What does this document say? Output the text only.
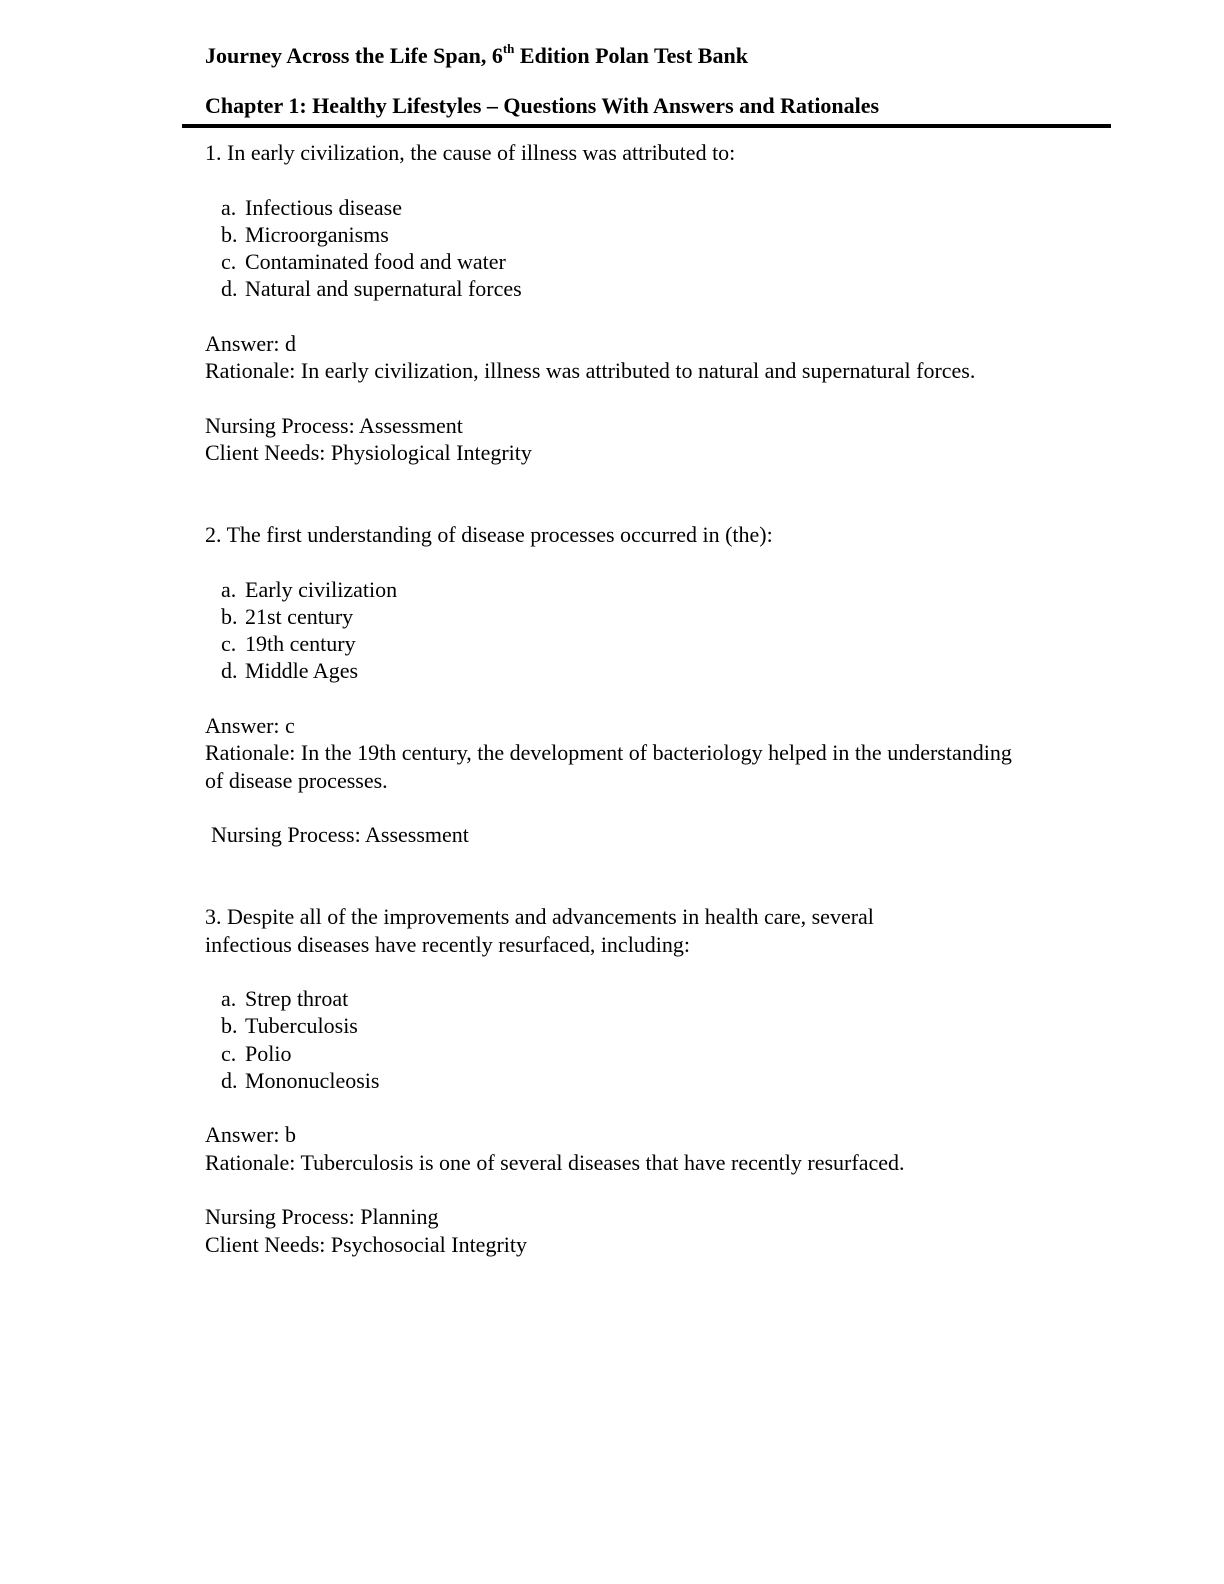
Journey Across the Life Span, 6th Edition Polan Test Bank
Chapter 1: Healthy Lifestyles – Questions With Answers and Rationales

1. In early civilization, the cause of illness was attributed to:

a. Infectious disease
b. Microorganisms
c. Contaminated food and water
d. Natural and supernatural forces
Answer: d
Rationale: In early civilization, illness was attributed to natural and supernatural forces.
Nursing Process: Assessment
Client Needs: Physiological Integrity

2. The first understanding of disease processes occurred in (the):

a. Early civilization
b. 21st century
c. 19th century
d. Middle Ages
Answer: c
Rationale: In the 19th century, the development of bacteriology helped in the understanding
of disease processes.
Nursing Process: Assessment

3. Despite all of the improvements and advancements in health care, several

infectious diseases have recently resurfaced, including:

a. Strep throat
b. Tuberculosis
c. Polio
d. Mononucleosis
Answer: b
Rationale: Tuberculosis is one of several diseases that have recently resurfaced.
Nursing Process: Planning
Client Needs: Psychosocial Integrity
